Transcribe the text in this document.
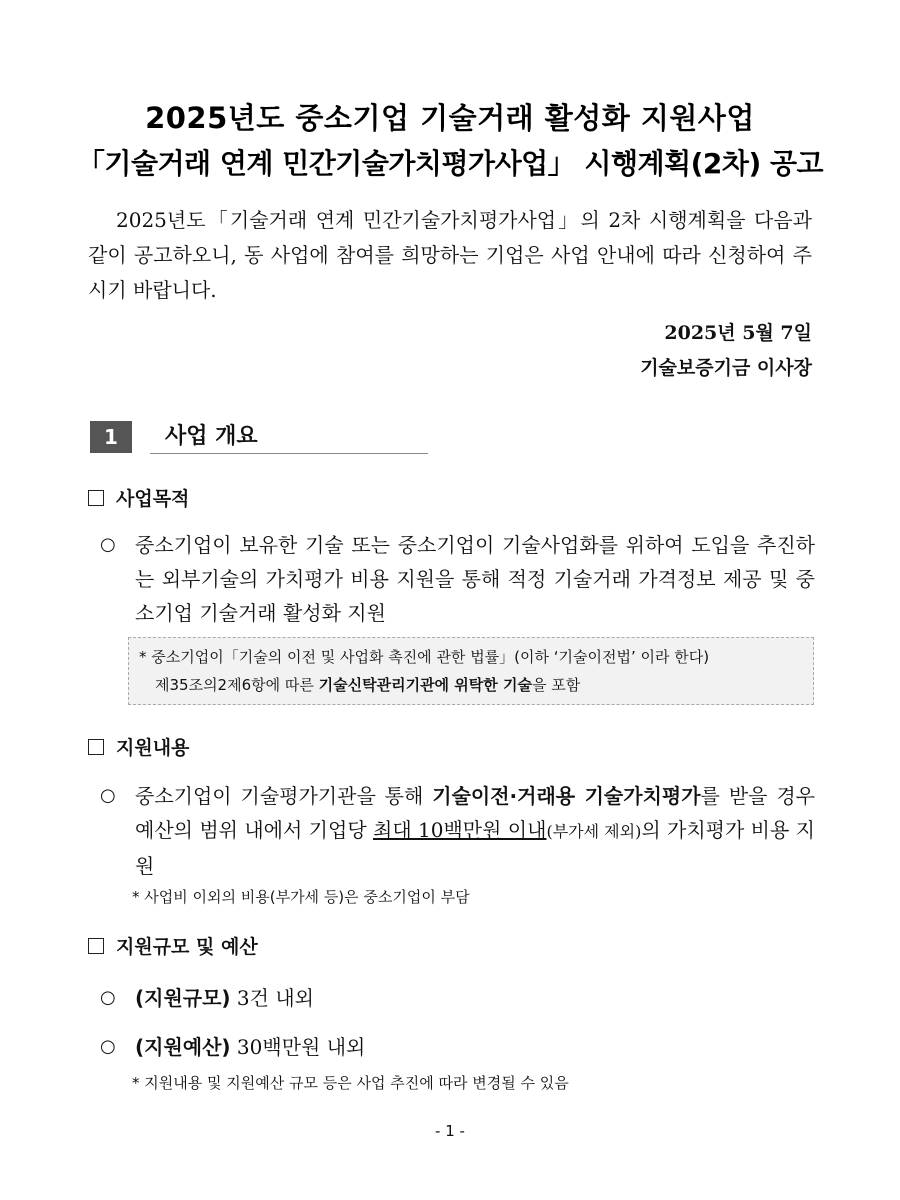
2025년도 중소기업 기술거래 활성화 지원사업
「기술거래 연계 민간기술가치평가사업」 시행계획(2차) 공고

2025년도「기술거래 연계 민간기술가치평가사업」의 2차 시행계획을 다음과 같이 공고하오니, 동 사업에 참여를 희망하는 기업은 사업 안내에 따라 신청하여 주시기 바랍니다.

2025년 5월 7일
기술보증기금 이사장
1	사업 개요
사업목적
○ 중소기업이 보유한 기술 또는 중소기업이 기술사업화를 위하여 도입을 추진하는 외부기술의 가치평가 비용 지원을 통해 적정 기술거래 가격정보 제공 및 중소기업 기술거래 활성화 지원

* 중소기업이「기술의 이전 및 사업화 촉진에 관한 법률」(이하 ‘기술이전법’ 이라 한다)
제35조의2제6항에 따른 기술신탁관리기관에 위탁한 기술을 포함
지원내용
○ 중소기업이 기술평가기관을 통해 기술이전·거래용 기술가치평가를 받을 경우 예산의 범위 내에서 기업당 최대 10백만원 이내(부가세 제외)의 가치평가 비용 지원

* 사업비 이외의 비용(부가세 등)은 중소기업이 부담
지원규모 및 예산
○ (지원규모) 3건 내외
○ (지원예산) 30백만원 내외
* 지원내용 및 지원예산 규모 등은 사업 추진에 따라 변경될 수 있음
- 1 -
